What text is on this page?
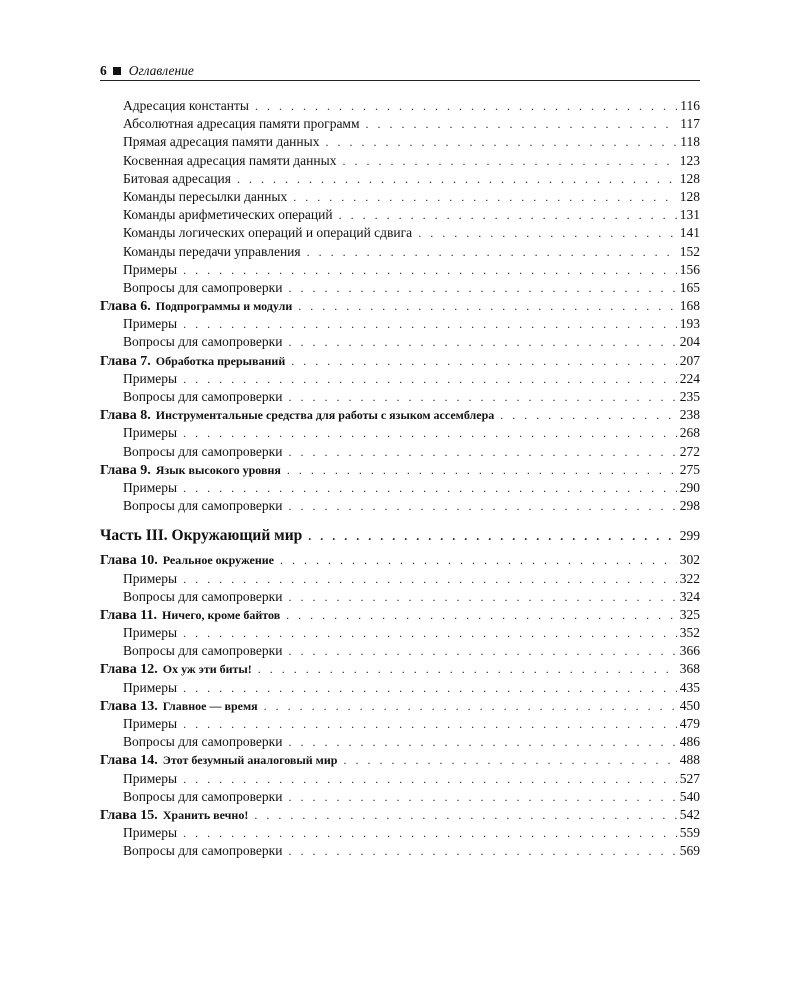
6 Оглавление
Адресация константы . . .	116
Абсолютная адресация памяти программ . . .	117
Прямая адресация памяти данных . . .	118
Косвенная адресация памяти данных . . .	123
Битовая адресация . . .	128
Команды пересылки данных . . .	128
Команды арифметических операций . . .	131
Команды логических операций и операций сдвига . . .	141
Команды передачи управления . . .	152
Примеры . . .	156
Вопросы для самопроверки . . .	165
Глава 6. Подпрограммы и модули . . .	168
Примеры . . .	193
Вопросы для самопроверки . . .	204
Глава 7. Обработка прерываний . . .	207
Примеры . . .	224
Вопросы для самопроверки . . .	235
Глава 8. Инструментальные средства для работы с языком ассемблера . . .	238
Примеры . . .	268
Вопросы для самопроверки . . .	272
Глава 9. Язык высокого уровня . . .	275
Примеры . . .	290
Вопросы для самопроверки . . .	298
Часть III. Окружающий мир . . .	299
Глава 10. Реальное окружение . . .	302
Примеры . . .	322
Вопросы для самопроверки . . .	324
Глава 11. Ничего, кроме байтов . . .	325
Примеры . . .	352
Вопросы для самопроверки . . .	366
Глава 12. Ох уж эти биты! . . .	368
Примеры . . .	435
Глава 13. Главное — время . . .	450
Примеры . . .	479
Вопросы для самопроверки . . .	486
Глава 14. Этот безумный аналоговый мир . . .	488
Примеры . . .	527
Вопросы для самопроверки . . .	540
Глава 15. Хранить вечно! . . .	542
Примеры . . .	559
Вопросы для самопроверки . . .	569
